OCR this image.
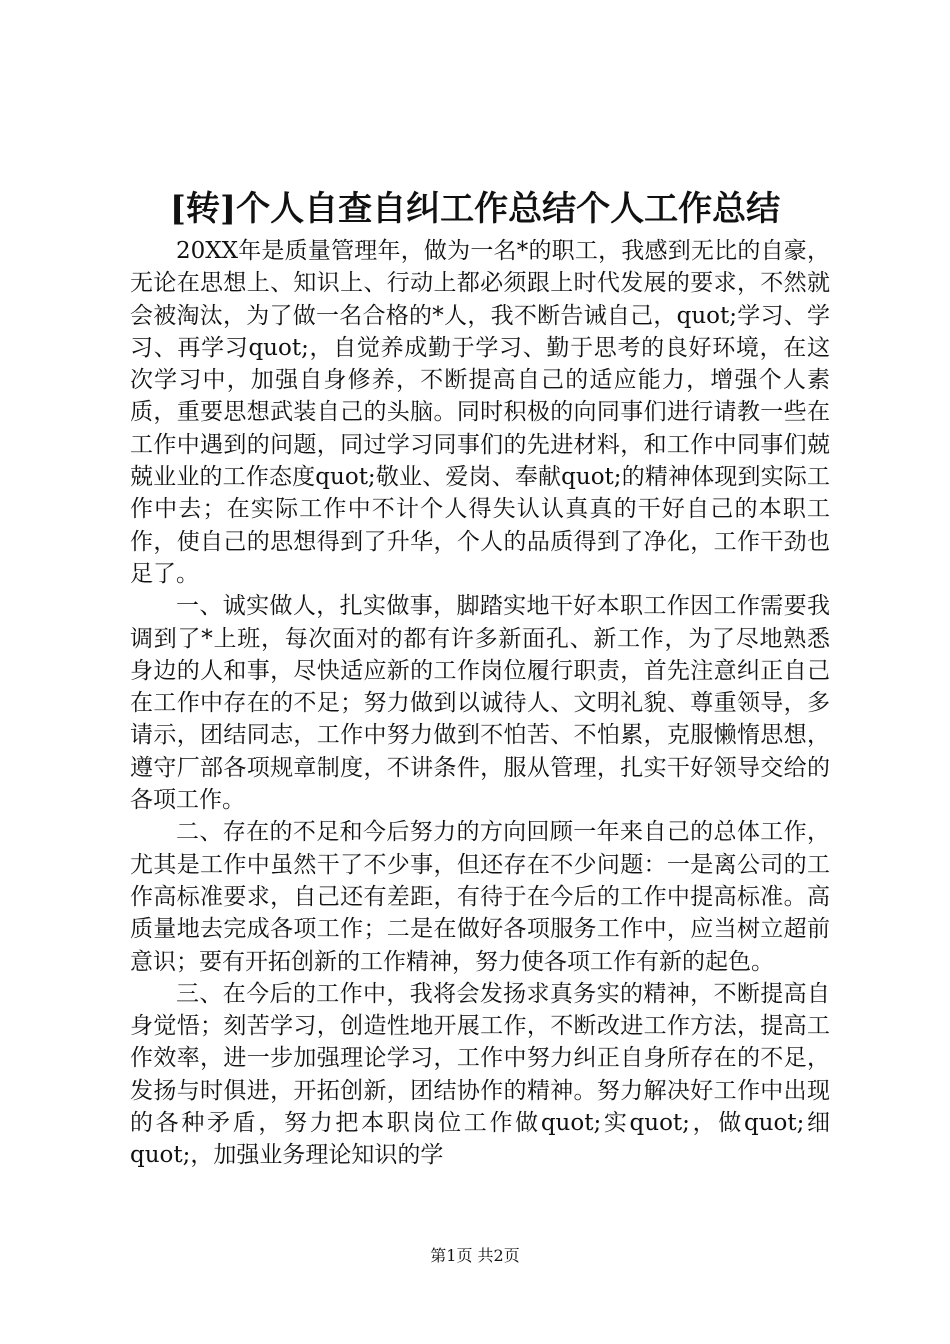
[转]个人自查自纠工作总结个人工作总结

20XX年是质量管理年，做为一名*的职工，我感到无比的自豪，无论在思想上、知识上、行动上都必须跟上时代发展的要求，不然就会被淘汰，为了做一名合格的*人，我不断告诫自己，quot;学习、学习、再学习quot;，自觉养成勤于学习、勤于思考的良好环境，在这次学习中，加强自身修养，不断提高自己的适应能力，增强个人素质，重要思想武装自己的头脑。同时积极的向同事们进行请教一些在工作中遇到的问题，同过学习同事们的先进材料，和工作中同事们兢兢业业的工作态度quot;敬业、爱岗、奉献quot;的精神体现到实际工作中去；在实际工作中不计个人得失认认真真的干好自己的本职工作，使自己的思想得到了升华，个人的品质得到了净化，工作干劲也足了。

一、诚实做人，扎实做事，脚踏实地干好本职工作因工作需要我调到了*上班，每次面对的都有许多新面孔、新工作，为了尽地熟悉身边的人和事，尽快适应新的工作岗位履行职责，首先注意纠正自己在工作中存在的不足；努力做到以诚待人、文明礼貌、尊重领导，多请示，团结同志，工作中努力做到不怕苦、不怕累，克服懒惰思想，遵守厂部各项规章制度，不讲条件，服从管理，扎实干好领导交给的各项工作。

二、存在的不足和今后努力的方向回顾一年来自己的总体工作，尤其是工作中虽然干了不少事，但还存在不少问题：一是离公司的工作高标准要求，自己还有差距，有待于在今后的工作中提高标准。高质量地去完成各项工作；二是在做好各项服务工作中，应当树立超前意识；要有开拓创新的工作精神，努力使各项工作有新的起色。

三、在今后的工作中，我将会发扬求真务实的精神，不断提高自身觉悟；刻苦学习，创造性地开展工作，不断改进工作方法，提高工作效率，进一步加强理论学习，工作中努力纠正自身所存在的不足，发扬与时俱进，开拓创新，团结协作的精神。努力解决好工作中出现的各种矛盾，努力把本职岗位工作做quot;实quot;，做quot;细quot;，加强业务理论知识的学

第1页 共2页
